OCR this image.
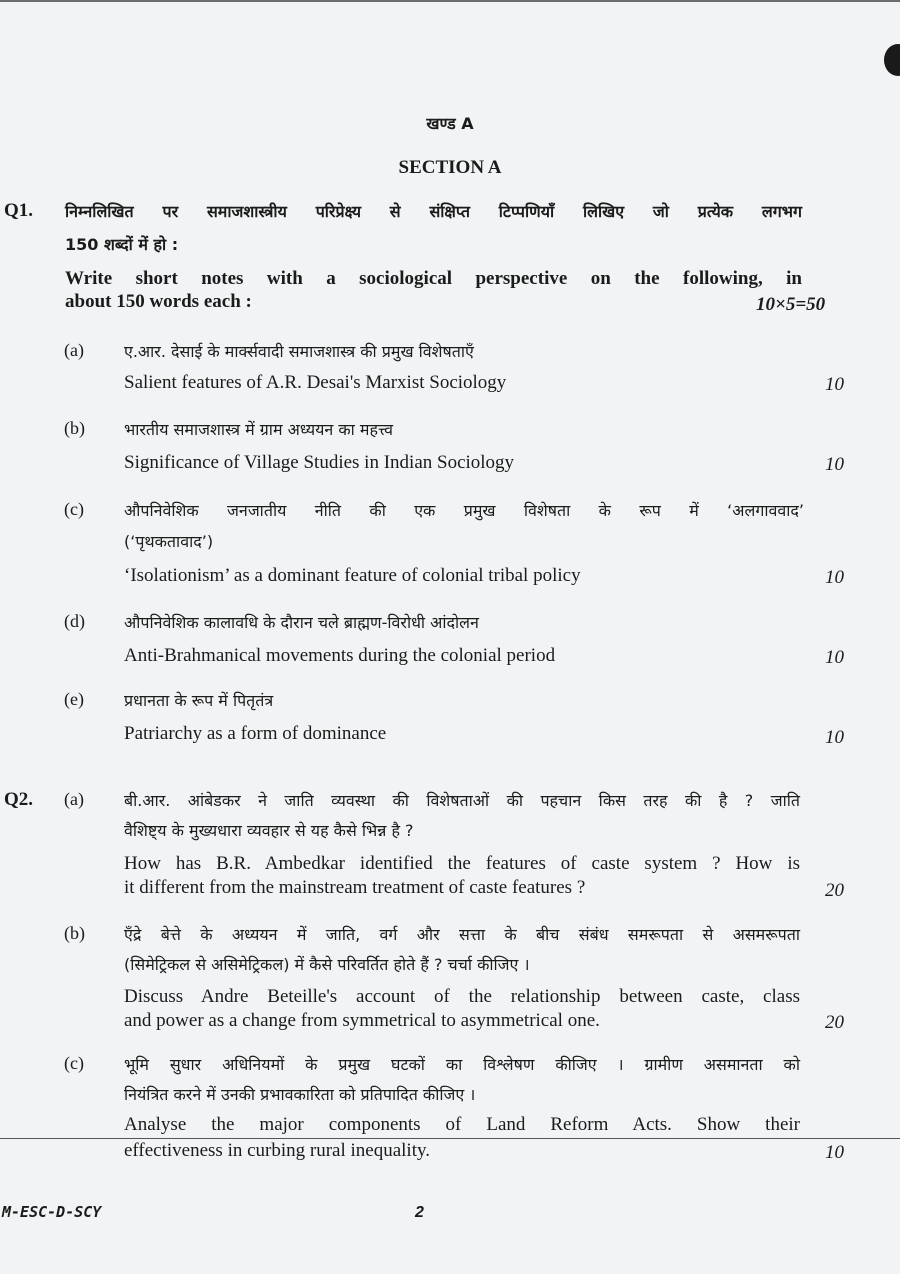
खण्ड A
SECTION A
Q1. निम्नलिखित पर समाजशास्त्रीय परिप्रेक्ष्य से संक्षिप्त टिप्पणियाँ लिखिए जो प्रत्येक लगभग
150 शब्दों में हो :
Write short notes with a sociological perspective on the following, in
about 150 words each :	10×5=50
(a)	ए.आर. देसाई के मार्क्सवादी समाजशास्त्र की प्रमुख विशेषताएँ
Salient features of A.R. Desai's Marxist Sociology	10
(b) भारतीय समाजशास्त्र में ग्राम अध्ययन का महत्त्व
Significance of Village Studies in Indian Sociology	10
(c)	औपनिवेशिक जनजातीय नीति की एक प्रमुख विशेषता के रूप में ‘अलगाववाद’
(‘पृथकतावाद’)
‘Isolationism’ as a dominant feature of colonial tribal policy	10
(d) औपनिवेशिक कालावधि के दौरान चले ब्राह्मण-विरोधी आंदोलन
Anti-Brahmanical movements during the colonial period	10
(e)	प्रधानता के रूप में पितृतंत्र
Patriarchy as a form of dominance	10
Q2. (a)	बी.आर. आंबेडकर ने जाति व्यवस्था की विशेषताओं की पहचान किस तरह की है ? जाति
वैशिष्ट्य के मुख्यधारा व्यवहार से यह कैसे भिन्न है ?
How has B.R. Ambedkar identified the features of caste system ? How is
it different from the mainstream treatment of caste features ?	20
(b) एँद्रे बेत्ते के अध्ययन में जाति, वर्ग और सत्ता के बीच संबंध समरूपता से असमरूपता
(सिमेट्रिकल से असिमेट्रिकल) में कैसे परिवर्तित होते हैं ? चर्चा कीजिए ।
Discuss Andre Beteille's account of the relationship between caste, class
and power as a change from symmetrical to asymmetrical one.	20
(c)	भूमि सुधार अधिनियमों के प्रमुख घटकों का विश्लेषण कीजिए । ग्रामीण असमानता को
नियंत्रित करने में उनकी प्रभावकारिता को प्रतिपादित कीजिए ।
Analyse the major components of Land Reform Acts. Show their
effectiveness in curbing rural inequality.	10
M-ESC-D-SCY	2
